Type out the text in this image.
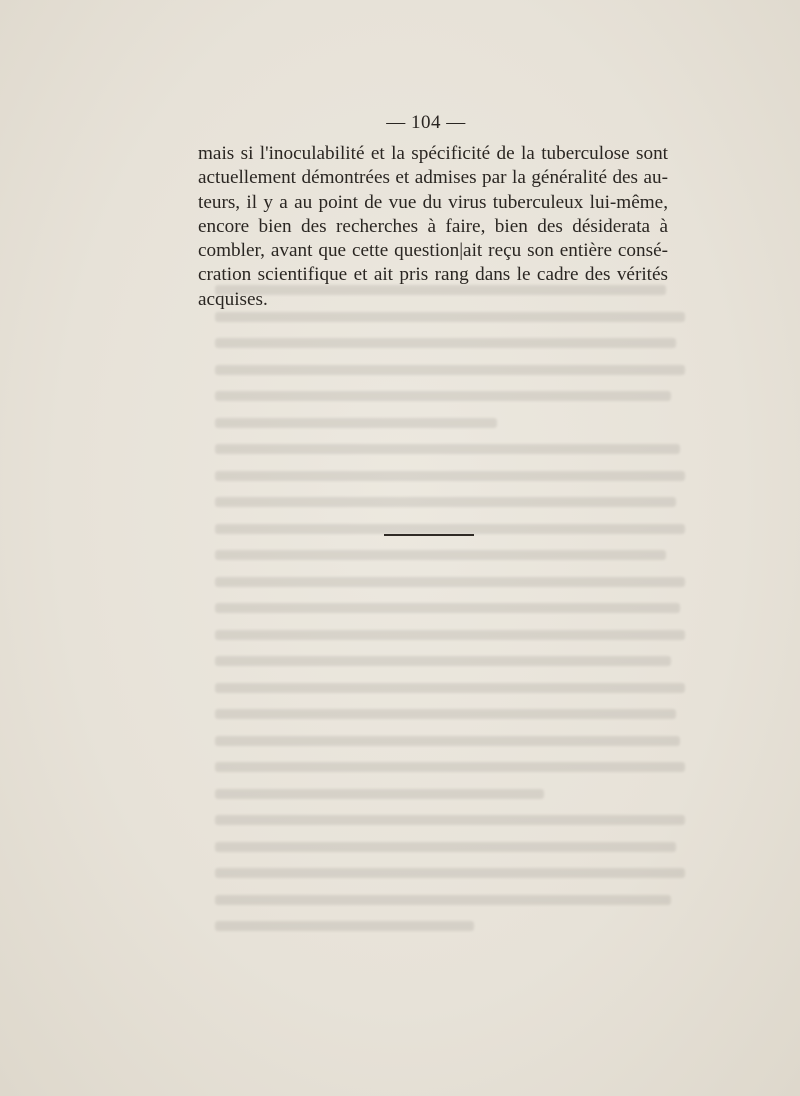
— 104 —
mais si l'inoculabilité et la spécificité de la tuberculose sont
actuellement démontrées et admises par la généralité des au-
teurs, il y a au point de vue du virus tuberculeux lui-même,
encore bien des recherches à faire, bien des désiderata à
combler, avant que cette question|ait reçu son entière consé-
cration scientifique et ait pris rang dans le cadre des vérités
acquises.
